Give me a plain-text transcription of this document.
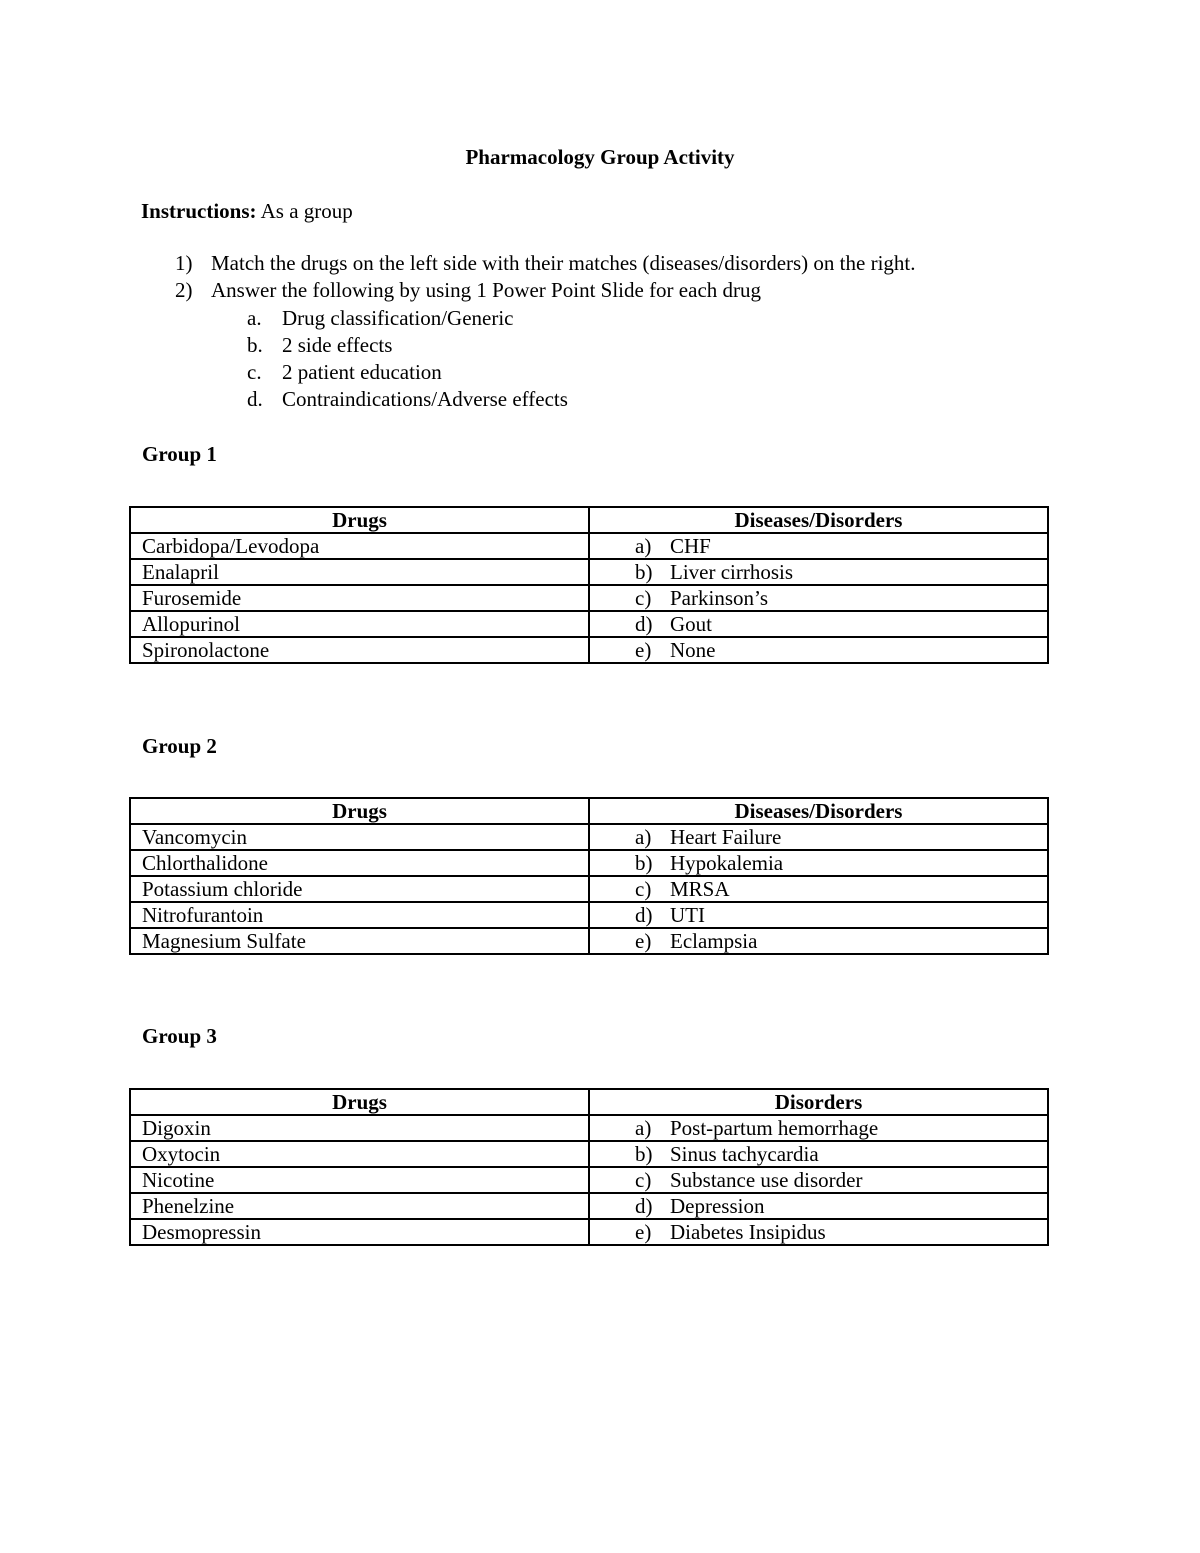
Pharmacology Group Activity
Instructions: As a group
1) Match the drugs on the left side with their matches (diseases/disorders) on the right.
2) Answer the following by using 1 Power Point Slide for each drug
a. Drug classification/Generic
b. 2 side effects
c. 2 patient education
d. Contraindications/Adverse effects
Group 1
Drugs	Diseases/Disorders
Carbidopa/Levodopa	a) CHF
Enalapril	b) Liver cirrhosis
Furosemide	c) Parkinson’s
Allopurinol	d) Gout
Spironolactone	e) None
Group 2
Drugs	Diseases/Disorders
Vancomycin	a) Heart Failure
Chlorthalidone	b) Hypokalemia
Potassium chloride	c) MRSA
Nitrofurantoin	d) UTI
Magnesium Sulfate	e) Eclampsia
Group 3
Drugs	Disorders
Digoxin	a) Post-partum hemorrhage
Oxytocin	b) Sinus tachycardia
Nicotine	c) Substance use disorder
Phenelzine	d) Depression
Desmopressin	e) Diabetes Insipidus
